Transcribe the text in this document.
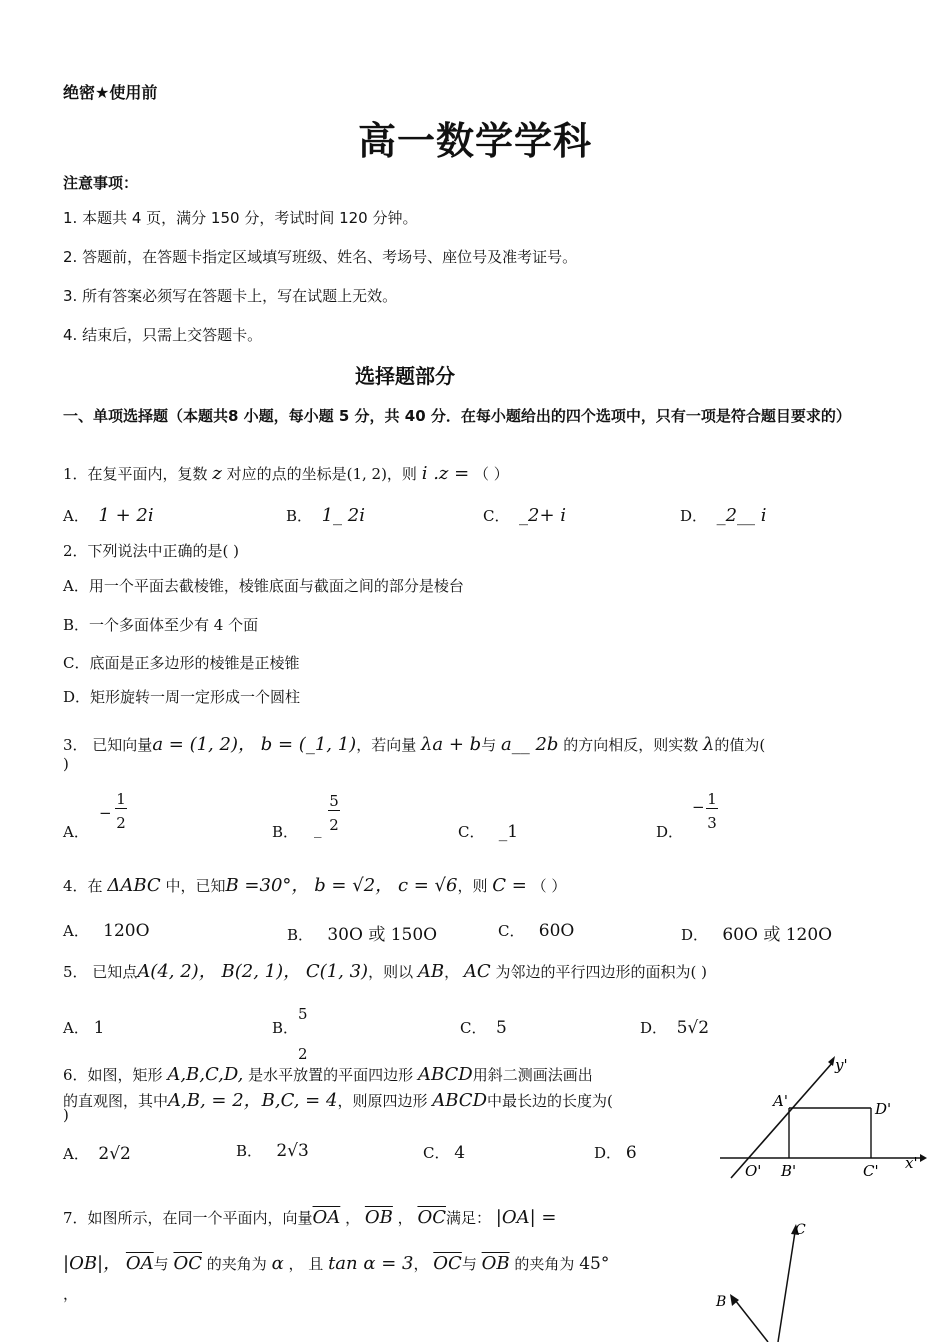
绝密★使用前
高一数学学科
注意事项：
1. 本题共 4 页，满分 150 分，考试时间 120 分钟。
2. 答题前，在答题卡指定区域填写班级、姓名、考场号、座位号及准考证号。
3. 所有答案必须写在答题卡上，写在试题上无效。
4. 结束后，只需上交答题卡。
选择题部分
一、单项选择题（本题共8 小题，每小题 5 分，共 40 分．在每小题给出的四个选项中，只有一项是符合题目要求的）
1．在复平面内，复数 z 对应的点的坐标是(1, 2)，则 i .z = （ ）
A． 1 + 2i	B． 1_ 2i	C． _2+ i	D． _2__ i
2．下列说法中正确的是( )
A．用一个平面去截棱锥，棱锥底面与截面之间的部分是棱台
B．一个多面体至少有 4 个面
C．底面是正多边形的棱锥是正棱锥
D．矩形旋转一周一定形成一个圆柱
3． 已知向量a = (1, 2)， b = (_1, 1)，若向量 λa + b与 a__ 2b 的方向相反，则实数 λ的值为(
)
A．
−
1
2	B． _
5
2	C． _1	D．
− 1
3
4．在 ΔABC 中，已知B =30°， b = √2， c = √6，则 C = （ ）
A． 120O	B． 30O 或 150O	C． 60O	D． 60O 或 120O
5． 已知点A(4, 2)， B(2, 1)， C(1, 3)，则以 AB， AC 为邻边的平行四边形的面积为( )
A． 1	B．
5
2
C． 5	D． 5√2
6．如图，矩形 A,B,C,D, 是水平放置的平面四边形 ABCD用斜二测画法画出
的直观图，其中A,B, = 2，B,C, = 4，则原四边形 ABCD中最长边的长度为(
)
A． 2√2	B． 2√3	C． 4	D． 6
y'
A'	D'
O' B'	C' x'
7．如图所示，在同一个平面内，向量$\overline{OA}$ ， $\overline{OB}$ ， $\overline{OC}$满足： |OA| =
|OB|， $\overline{OA}$与 $\overline{OC}$ 的夹角为 α ， 且 tan α = 3， $\overline{OC}$与 $\overline{OB}$ 的夹角为 45°
，
C
B
